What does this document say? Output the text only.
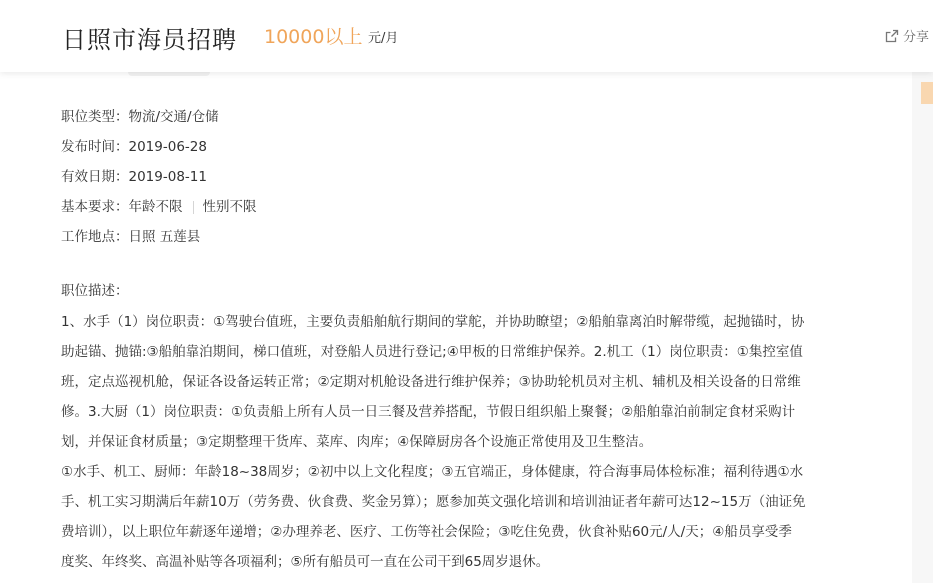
日照市海员招聘 10000以上 元/月	分享
职位类型： 物流/交通/仓储
发布时间： 2019-06-28
有效日期： 2019-08-11
基本要求： 年龄不限 性别不限
工作地点： 日照 五莲县
职位描述：
1、水手（1）岗位职责：①驾驶台值班，主要负责船舶航行期间的掌舵，并协助瞭望；②船舶靠离泊时解带缆，起抛锚时，协
助起锚、抛锚:③船舶靠泊期间，梯口值班，对登船人员进行登记;④甲板的日常维护保养。2.机工（1）岗位职责：①集控室值
班，定点巡视机舱，保证各设备运转正常；②定期对机舱设备进行维护保养；③协助轮机员对主机、辅机及相关设备的日常维
修。3.大厨（1）岗位职责：①负责船上所有人员一日三餐及营养搭配，节假日组织船上聚餐；②船舶靠泊前制定食材采购计
划，并保证食材质量；③定期整理干货库、菜库、肉库；④保障厨房各个设施正常使用及卫生整洁。
①水手、机工、厨师：年龄18~38周岁；②初中以上文化程度；③五官端正，身体健康，符合海事局体检标准；福利待遇①水
手、机工实习期满后年薪10万（劳务费、伙食费、奖金另算）；愿参加英文强化培训和培训油证者年薪可达12~15万（油证免
费培训），以上职位年薪逐年递增；②办理养老、医疗、工伤等社会保险；③吃住免费，伙食补贴60元/人/天；④船员享受季
度奖、年终奖、高温补贴等各项福利；⑤所有船员可一直在公司干到65周岁退休。
